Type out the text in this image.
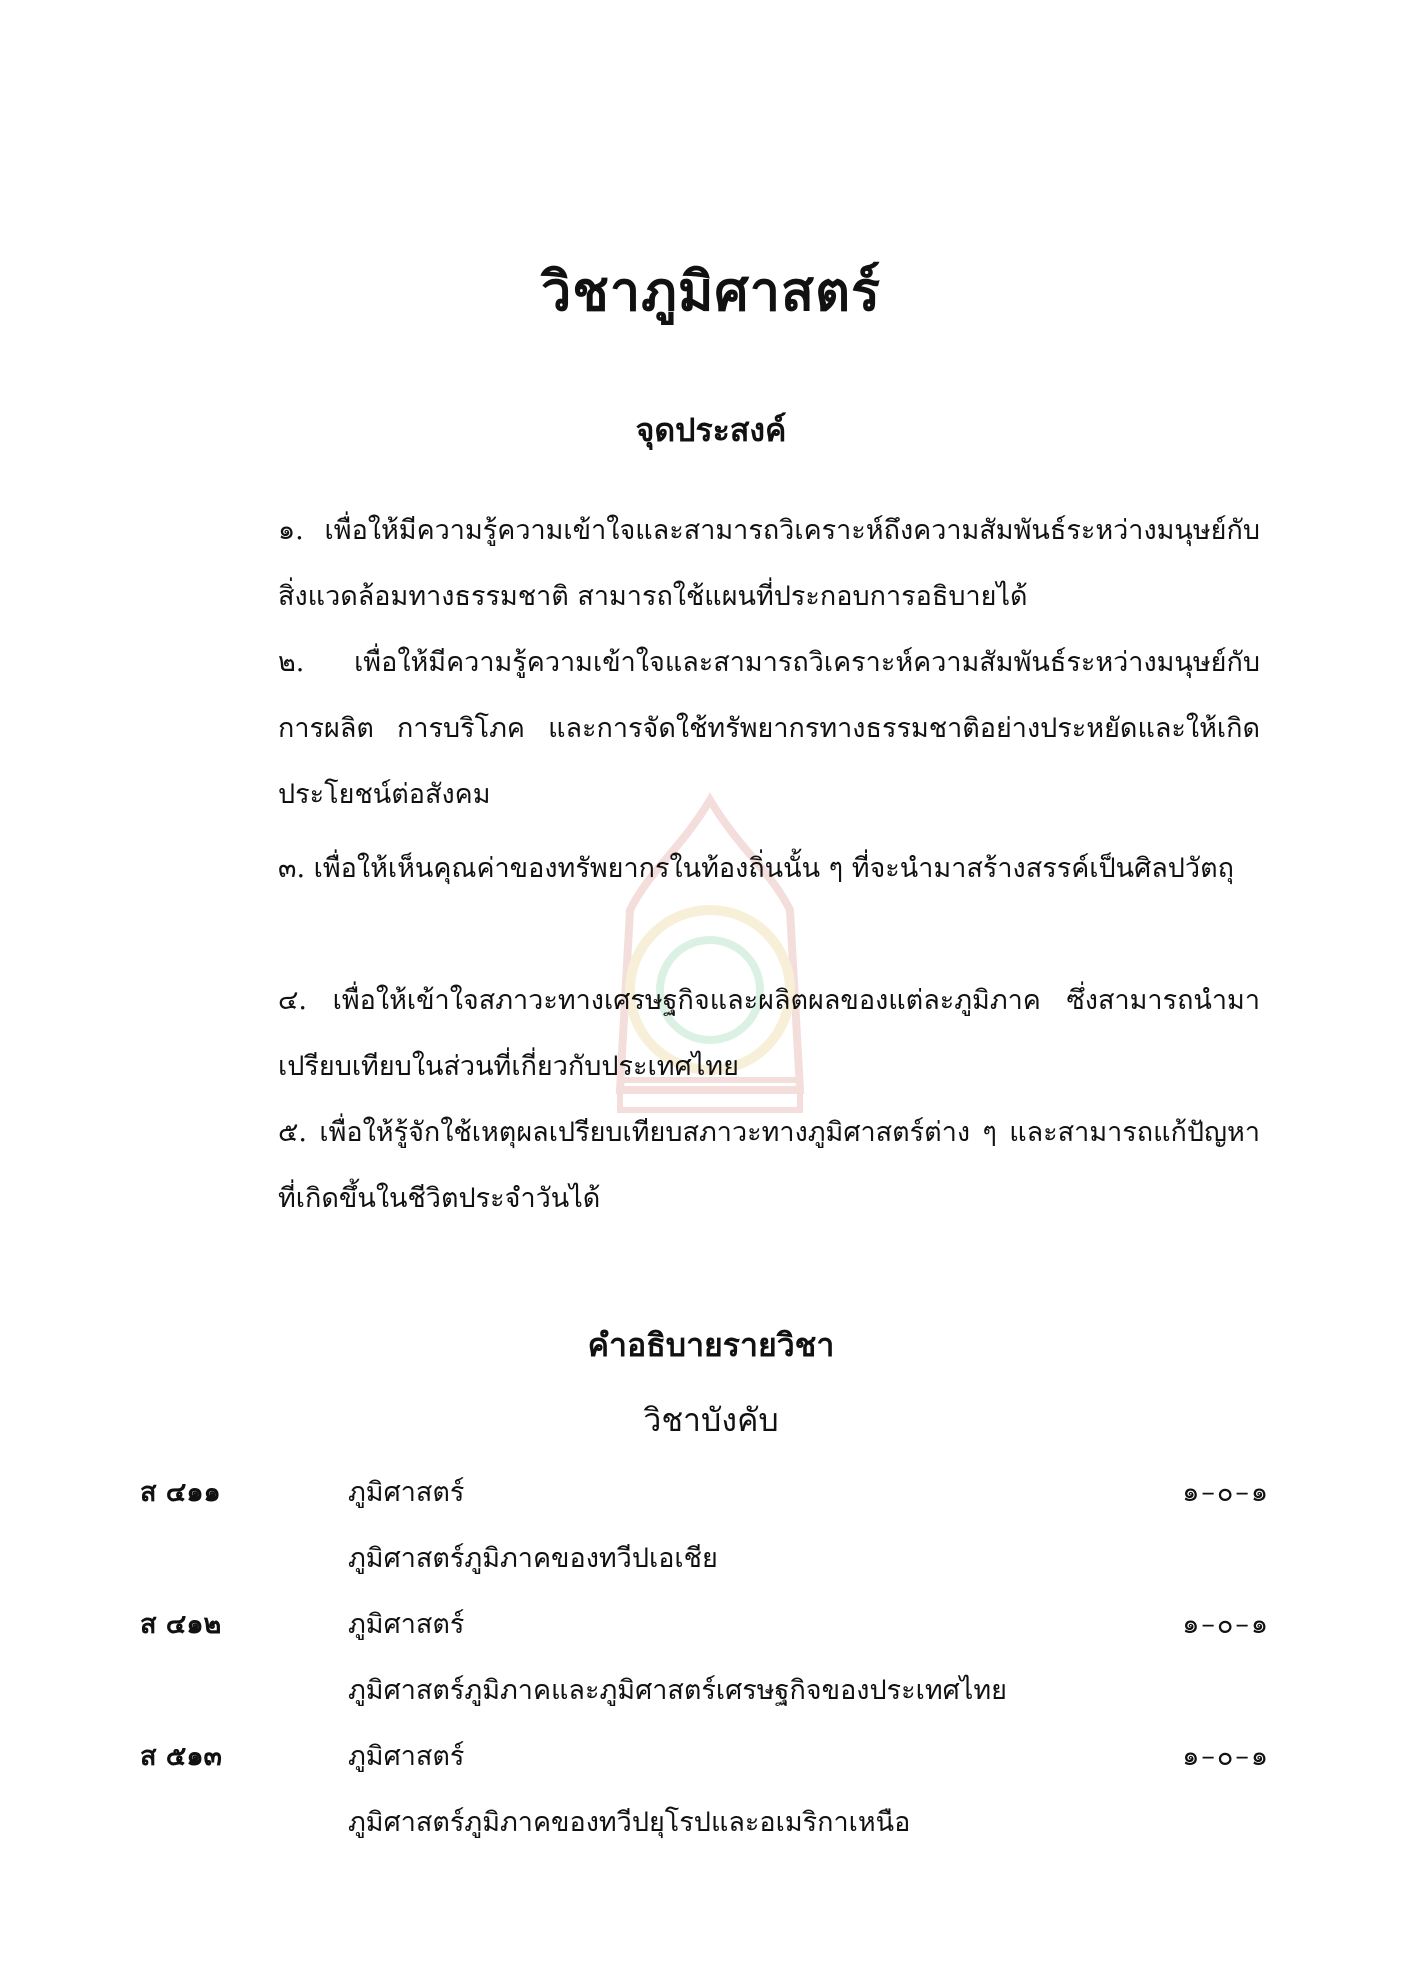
วิชาภูมิศาสตร์
จุดประสงค์

๑. เพื่อให้มีความรู้ความเข้าใจและสามารถวิเคราะห์ถึงความสัมพันธ์ระหว่างมนุษย์กับสิ่งแวดล้อมทางธรรมชาติ สามารถใช้แผนที่ประกอบการอธิบายได้

๒. เพื่อให้มีความรู้ความเข้าใจและสามารถวิเคราะห์ความสัมพันธ์ระหว่างมนุษย์กับการผลิต การบริโภค และการจัดใช้ทรัพยากรทางธรรมชาติอย่างประหยัดและให้เกิดประโยชน์ต่อสังคม

๓. เพื่อให้เห็นคุณค่าของทรัพยากรในท้องถิ่นนั้น ๆ ที่จะนำมาสร้างสรรค์เป็นศิลปวัตถุ

๔. เพื่อให้เข้าใจสภาวะทางเศรษฐกิจและผลิตผลของแต่ละภูมิภาค ซึ่งสามารถนำมาเปรียบเทียบในส่วนที่เกี่ยวกับประเทศไทย

๕. เพื่อให้รู้จักใช้เหตุผลเปรียบเทียบสภาวะทางภูมิศาสตร์ต่าง ๆ และสามารถแก้ปัญหาที่เกิดขึ้นในชีวิตประจำวันได้

คำอธิบายรายวิชา
วิชาบังคับ
ส ๔๑๑	ภูมิศาสตร์	๑–๐–๑
ภูมิศาสตร์ภูมิภาคของทวีปเอเชีย
ส ๔๑๒	ภูมิศาสตร์	๑–๐–๑
ภูมิศาสตร์ภูมิภาคและภูมิศาสตร์เศรษฐกิจของประเทศไทย
ส ๕๑๓	ภูมิศาสตร์	๑–๐–๑
ภูมิศาสตร์ภูมิภาคของทวีปยุโรปและอเมริกาเหนือ
